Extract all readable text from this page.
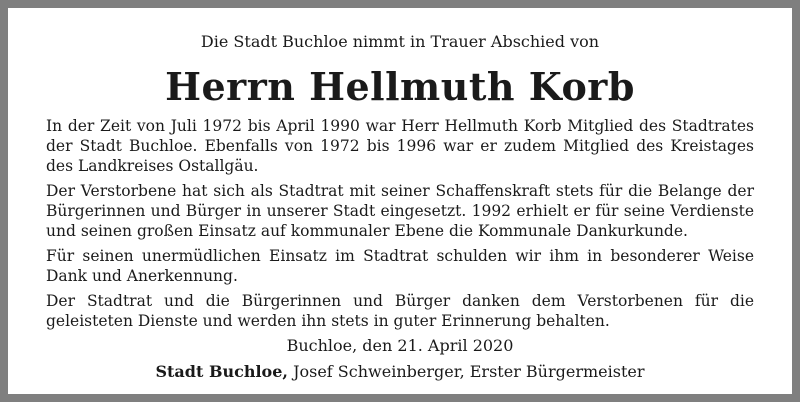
Die Stadt Buchloe nimmt in Trauer Abschied von
Herrn Hellmuth Korb

In der Zeit von Juli 1972 bis April 1990 war Herr Hellmuth Korb Mitglied des Stadtrates der Stadt Buchloe. Ebenfalls von 1972 bis 1996 war er zudem Mitglied des Kreistages des Landkreises Ostallgäu.

Der Verstorbene hat sich als Stadtrat mit seiner Schaffenskraft stets für die Belange der Bürgerinnen und Bürger in unserer Stadt eingesetzt. 1992 erhielt er für seine Verdienste und seinen großen Einsatz auf kommunaler Ebene die Kommunale Dankurkunde.

Für seinen unermüdlichen Einsatz im Stadtrat schulden wir ihm in besonderer Weise Dank und Anerkennung.

Der Stadtrat und die Bürgerinnen und Bürger danken dem Verstorbenen für die geleisteten Dienste und werden ihn stets in guter Erinnerung behalten.

Buchloe, den 21. April 2020
Stadt Buchloe, Josef Schweinberger, Erster Bürgermeister
